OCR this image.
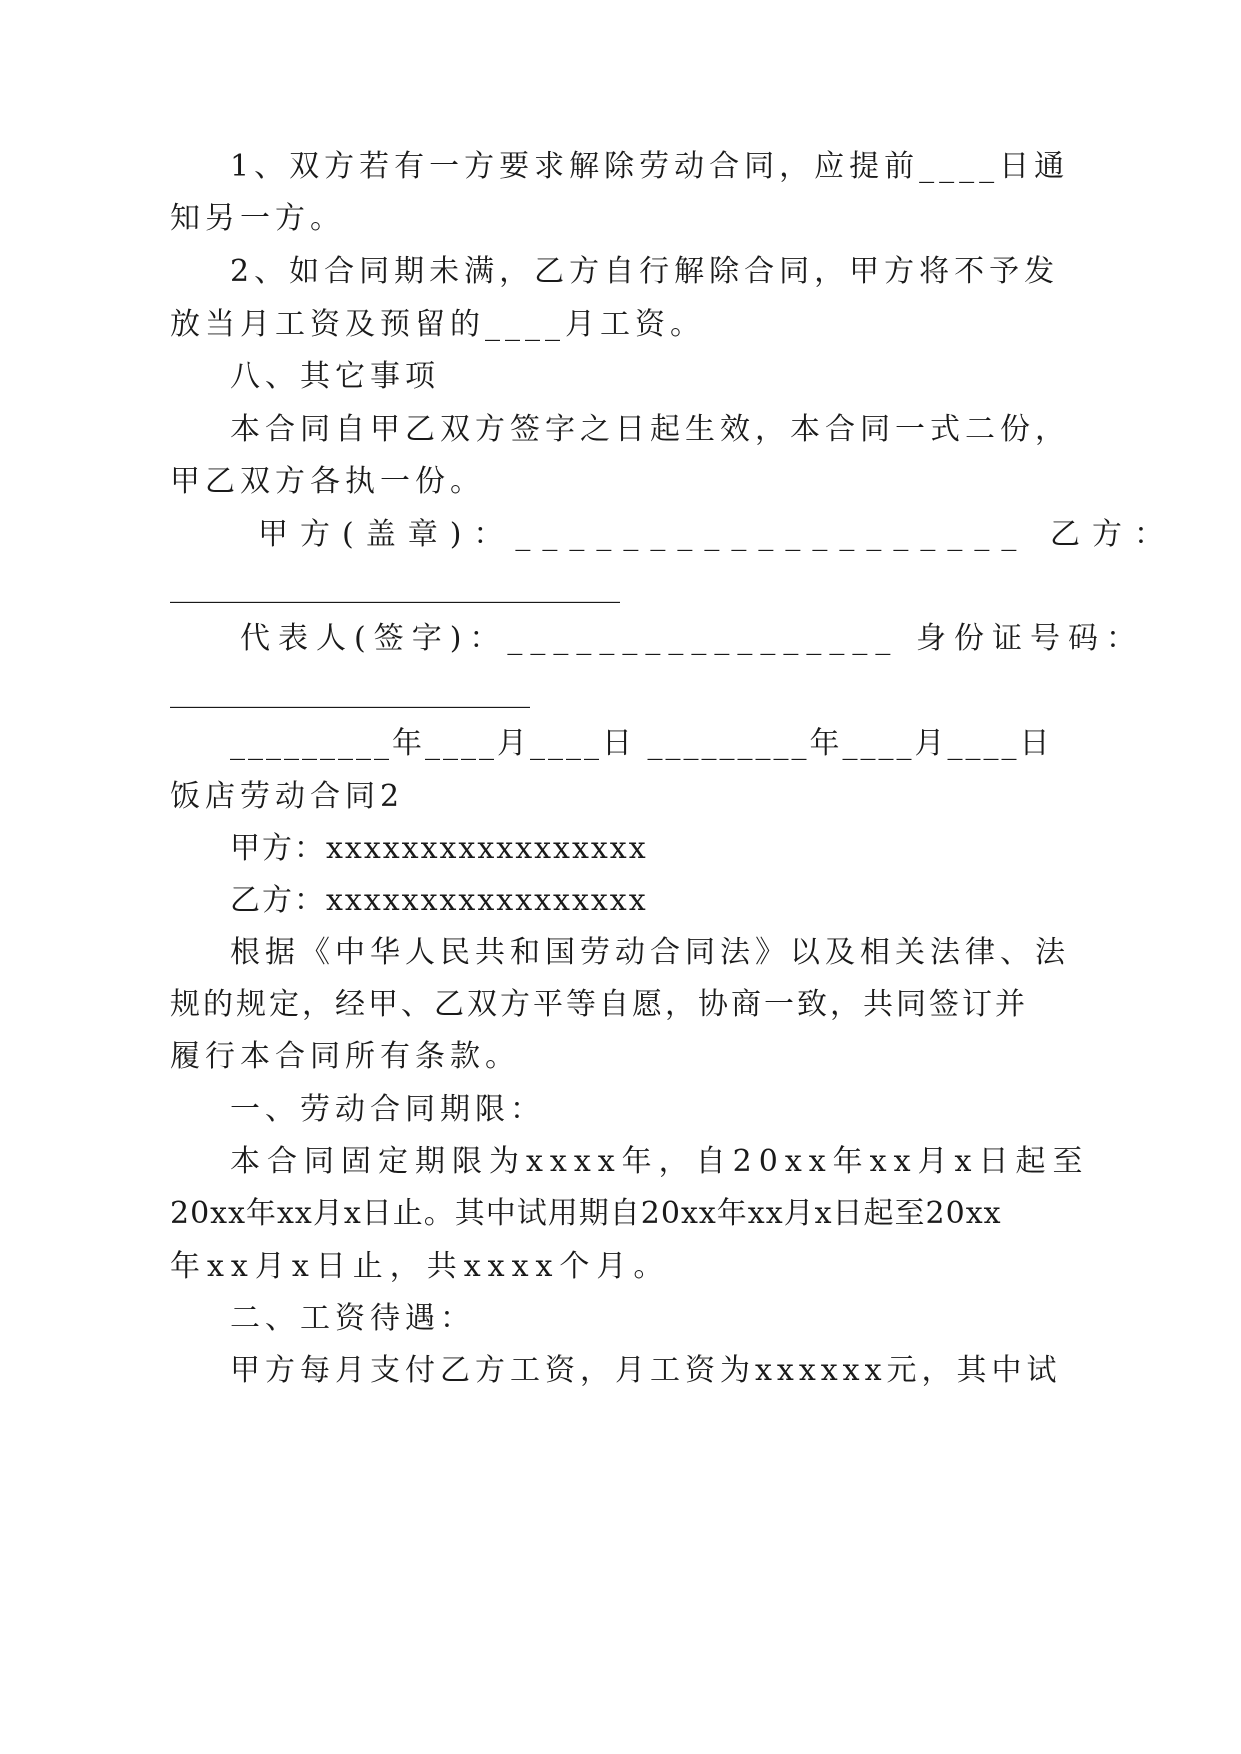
1、双方若有一方要求解除劳动合同，应提前____日通
知另一方。
2、如合同期未满，乙方自行解除合同，甲方将不予发
放当月工资及预留的____月工资。
八、其它事项
本合同自甲乙双方签字之日起生效，本合同一式二份，
甲乙双方各执一份。
甲方(盖章)：___________________ 乙方：
______________________________
代表人(签字)：_________________ 身份证号码：
________________________
_________年____月____日 _________年____月____日
饭店劳动合同2
甲方：xxxxxxxxxxxxxxxxx
乙方：xxxxxxxxxxxxxxxxx
根据《中华人民共和国劳动合同法》以及相关法律、法
规的规定，经甲、乙双方平等自愿，协商一致，共同签订并
履行本合同所有条款。
一、劳动合同期限：
本合同固定期限为xxxx年，自20xx年xx月x日起至
20xx年xx月x日止。其中试用期自20xx年xx月x日起至20xx
年xx月x日止，共xxxx个月。
二、工资待遇：
甲方每月支付乙方工资，月工资为xxxxxx元，其中试
